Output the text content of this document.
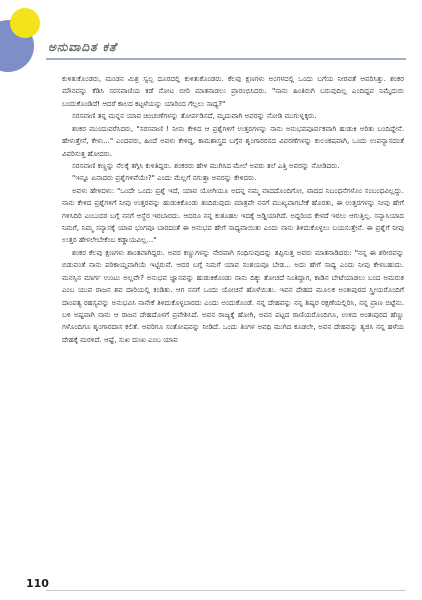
ಅನುವಾದಿತ ಕತೆ

ಕುಳಿತುಕೊಂಡರು, ಮಂಡನ ಮಿಶ್ರ ಸ್ವಲ್ಪ ದೂರದಲ್ಲಿ ಕುಳಿತುಕೊಂಡರು. ಕೆಲವು ಕ್ಷಣಗಳು ಅಂಗಳದಲ್ಲಿ ಒಂದು ಬಗೆಯ ನೀರವತೆ ಆವರಿಸಿತ್ತು. ಶಂಕರ ಮೌನವನ್ನು ಕೆಡಿಸಿ ಸರಸವಾಣಿಯ ಕಡೆ ನೋಟ ಬೀರಿ ಮಾತನಾಡಲು ಪ್ರಾರಂಭಿಸಿದರು. "ನಾನು ಹಿಂತಿರುಗಿ ಬರುವುದಿಲ್ಲ ಎಂದಿದ್ದವ ನಿಮ್ಮೆದುರು ಬಂದುಕೊಂಡಿದೆ! ಆದರೆ ಕಾಲದ ಕಟ್ಟಳೆಯನ್ನು ಯಾರಿಂದ ಗೆಲ್ಲಲು ಸಾಧ್ಯ?"

ಸರಸವಾಣಿ ತನ್ನ ಮನ್ನನ ಯಾವ ಚಿಂಚುಣೆಗಳನ್ನು ತೋರ್ಪಡಿಸದೆ, ಮೃದುವಾಗಿ ಅವರನ್ನು ನೋಡಿ ಮುಗುಳ್ನಕ್ಕರು.

ಶಂಕರ ಮುಂದುವರೆಸಿದರು, "ಸರಸವಾಣಿ ! ನೀನು ಕೇಳಿದ ಆ ಪ್ರಶ್ನೆಗಳಿಗೆ ಉತ್ತರಗಳನ್ನು ನಾನು ಅನುಭವಪೂರ್ವಕವಾಗಿ ಹುಡುಕಿ ಅರಿತು ಬಂದಿದ್ದೇನೆ. ಹೇಳುತ್ತೇನೆ, ಕೇಳು..." ಎಂದವರು, ಹಿಂದೆ ಅವಳು ಕೇಳಿದ್ದ, ಕಾಮಶಾಸ್ತ್ರದ ಬಗ್ಗೆನ ಶೃಂಗಾರರಸದ ವಿವರಣೆಗಳನ್ನು ಕುಲಂಕಷವಾಗಿ, ಒಂದು ಉಪನ್ಯಾಸದಂತೆ ವಿವರಿಸುತ್ತ ಹೋದರು.

ಸರಸವಾಣಿ ಕಣ್ಣನ್ನು ನೆಲಕ್ಕೆ ತಗ್ಗಿಸಿ ಕುಳಿತಿದ್ದರು. ಶಂಕರರು ಹೇಳಿ ಮುಗಿಸಿದ ಮೇಲೆ ಅವರು ತಲೆ ಎತ್ತಿ ಅವರನ್ನು ನೋಡಿದರು.

"ಇನ್ನೂ ಏನಾದರು ಪ್ರಶ್ನೆಗಳಿವೆಯೇ?" ಎಂದು ಮೆಲ್ಲಗೆ ನಗುತ್ತಾ ಅವರನ್ನು ಕೇಳಿದರು.

ಅವಳು ಹೇಳಿದಳು: "ಒಂದೇ ಒಂದು ಪ್ರಶ್ನೆ ಇದೆ, ಯಾವ ಯೋಗಿಯೂ ಅದನ್ನ ನಮ್ಮ ವಾದದೊಂದಿಗೋ, ವಾದದ ನಿಬಂಧನೆಗಳೊಂ ಸಂಬಂಧವಿಲ್ಲದ್ದು. ನಾನು ಕೇಳಿದ ಪ್ರಶ್ನೆಗಳಿಗೆ ನೀವು ಉತ್ತರವನ್ನು ಹುಡುಕಿಕೊಂಡು ತಂದಿರುವುದು ಮಾತ್ರವೇ ನನಗೆ ಮುಖ್ಯವಾಗಬೇಕೆ ಹೊರತು, ಈ ಉತ್ತರಗಳನ್ನು ನೀವು ಹೇಗೆ ಗಳಿಸಿದಿರಿ ಎಂಬುದರ ಬಗ್ಗೆ ನನಗೆ ಆಸ್ಥೆರ ಇರಬಾರದು. ಆದರೂ ನನ್ನ ಕುತೂಹಲ ಇದಕ್ಕೆ ಅಡ್ಡಿಯಾಗಿದೆ. ಅದ್ದರಿಂದ ಕೇಳದೆ ಇರಲು ಆಗುತ್ತಿಲ್ಲ. ಸನ್ಯಾಸಿಯಾದ ನಿಮಗೆ, ನಿಮ್ಮ ಸನ್ಯಾಸಕ್ಕೆ ಯಾವ ಭಂಗವೂ ಬಾರದಂತೆ ಈ ಅನುಭವ ಹೇಗೆ ಸಾಧ್ಯವಾಯಿತು ಎಂದು ನಾನು ತಿಳಿದುಕೊಳ್ಳಲು ಬಯಸುತ್ತೇನೆ. ಈ ಪ್ರಶ್ನೆಗೆ ನೀವು ಉತ್ತರ ಹೇಳಲೇಬೇಕೆಂಬ ಕಡ್ಡಾಯವಿಲ್ಲ..."

ಶಂಕರ ಕೆಲವು ಕ್ಷಣಗಳು ಶಾಂತವಾಗಿದ್ದರು. ಅವರ ಕಣ್ಣುಗಳನ್ನು ನೇರವಾಗಿ ಸಂಧಿಸುವುದನ್ನು ತಪ್ಪಿಸುತ್ತ ಅವರು ಮಾತನಾಡಿದರು: "ನನ್ನ ಈ ಶರೀರವನ್ನು ಬಿಡುವಂತೆ ನಾನು ಪರಿಕಾಯ್ದವಾಗಿಯೆ ಇಟ್ಟಿರುವೆ. ಆದರ ಬಗ್ಗೆ ನಿಮಗೆ ಯಾವ ಸಂಶಯವೂ ಬೇಡ... ಅದು ಹೇಗೆ ಸಾಧ್ಯ ಎಂದು ನೀವು ಕೇಳಬಹುದು. ಮನಸ್ಸಿನ ಮಾರ್ಗ ಉಂಟು ಅಲ್ಲವೇ? ಅನುಭವ ಜ್ಞಾನವನ್ನು ಹುಡುಕಿಕೊಂಡು ನಾನು ದಿಕ್ಕು ತೋಚದೆ ನಿಂತಿದ್ದಾಗ, ಕಾಡಿನ ಬೇಟೆಯಾಡಲು ಬಂದ ಅಮರುಕ ಎಂಬ ಯುವ ರಾಜನ ಶವ ದಾರಿಯಲ್ಲಿ ಕಂಡಿತು. ಆಗ ನನಗೆ ಒಂದು ಯೋಚನೆ ಹೊಳೆಯಿತು. ಇವನ ದೇಹದ ಮೂಲಕ ಅಂತಃಪುರದ ಸ್ತ್ರೀಯರೊಂದಿಗೆ ದಾಂಪತ್ಯ ರಹಸ್ಯವನ್ನು ಅನುಭವಿಸಿ ನಾನೇಕೆ ತಿಳಿದುಕೊಳ್ಳಬಾರದು ಎಂದು ಅಂದುಕೊಂಡೆ. ನನ್ನ ದೇಹವನ್ನು ನನ್ನ ಶಿಷ್ಯರ ರಕ್ಷಣೆಯಲ್ಲಿರಿಸಿ, ನನ್ನ ಪ್ರಾಣ ಬಿಟ್ಟೆನು. ಬಳಿ ಅಷ್ಟವಾಗಿ ನಾನು ಆ ರಾಜನ ದೇಹದೊಳಗೆ ಪ್ರವೇಶಿಸಿದೆ. ಅವನ ರಾಜ್ಯಕ್ಕೆ ಹೋಗಿ, ಅವನ ಪಟ್ಟದ ರಾಣಿಯರೊಂದಿಗೂ, ಉಳಿದ ಅಂತಃಪುರದ ಹೆಣ್ಣು ಗಳೊಂದಿಗೂ ಶೃಂಗಾರದಾಸ ಕಲಿತೆ. ಅವರಿಗೂ ಸಂತೋಷವನ್ನು ನೀಡಿದೆ. ಒಂದು ತಿಂಗಳ ಅವಧಿ ಮುಗಿದ ಕೂಡಲೇ, ಅವನ ದೇಹವನ್ನು ತ್ಯಜಿಸಿ ನನ್ನ ಹಳೆಯ ದೇಹಕ್ಕೆ ಮರಳಿದೆ. ಆಷ್ಟೆ, ಸುಖ ದುಃಖ ಎಂಬ ಯಾವ

110
